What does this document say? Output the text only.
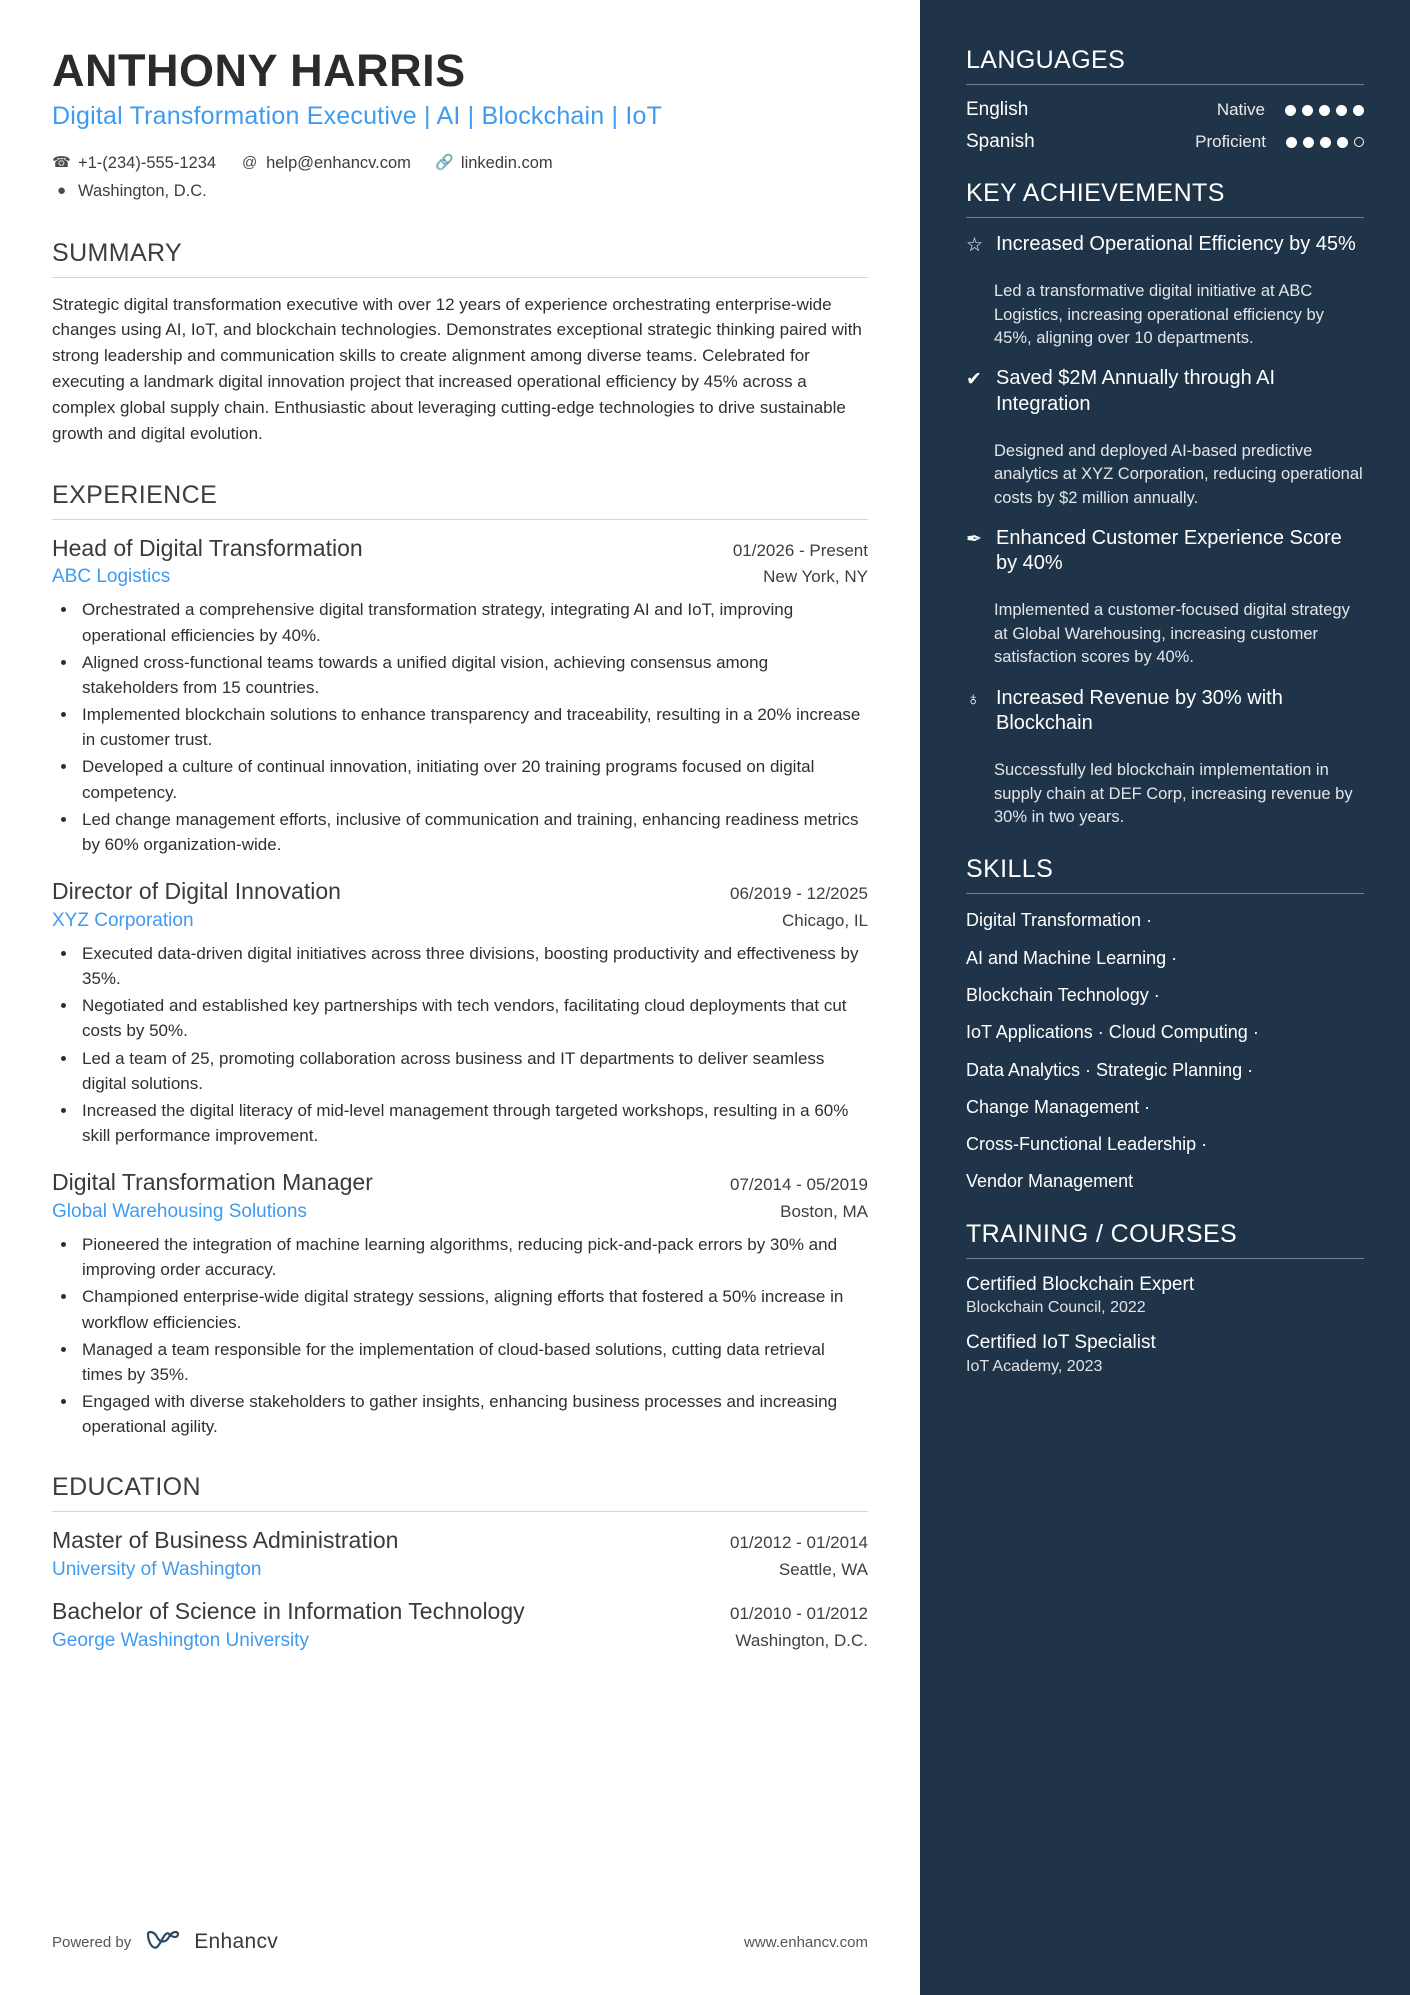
ANTHONY HARRIS
Digital Transformation Executive | AI | Blockchain | IoT
☎ +1-(234)-555-1234 @ help@enhancv.com 🔗 linkedin.com
● Washington, D.C.
SUMMARY

Strategic digital transformation executive with over 12 years of experience orchestrating enterprise-wide changes using AI, IoT, and blockchain technologies. Demonstrates exceptional strategic thinking paired with strong leadership and communication skills to create alignment among diverse teams. Celebrated for executing a landmark digital innovation project that increased operational efficiency by 45% across a complex global supply chain. Enthusiastic about leveraging cutting-edge technologies to drive sustainable growth and digital evolution.

EXPERIENCE
Head of Digital Transformation	01/2026 - Present
ABC Logistics	New York, NY
• Orchestrated a comprehensive digital transformation strategy, integrating AI and IoT, improving operational efficiencies by 40%.
• Aligned cross-functional teams towards a unified digital vision, achieving consensus among stakeholders from 15 countries.
• Implemented blockchain solutions to enhance transparency and traceability, resulting in a 20% increase in customer trust.
• Developed a culture of continual innovation, initiating over 20 training programs focused on digital competency.
• Led change management efforts, inclusive of communication and training, enhancing readiness metrics by 60% organization-wide.
Director of Digital Innovation	06/2019 - 12/2025
XYZ Corporation	Chicago, IL
• Executed data-driven digital initiatives across three divisions, boosting productivity and effectiveness by 35%.
• Negotiated and established key partnerships with tech vendors, facilitating cloud deployments that cut costs by 50%.
• Led a team of 25, promoting collaboration across business and IT departments to deliver seamless digital solutions.
• Increased the digital literacy of mid-level management through targeted workshops, resulting in a 60% skill performance improvement.
Digital Transformation Manager	07/2014 - 05/2019
Global Warehousing Solutions	Boston, MA
• Pioneered the integration of machine learning algorithms, reducing pick-and-pack errors by 30% and improving order accuracy.
• Championed enterprise-wide digital strategy sessions, aligning efforts that fostered a 50% increase in workflow efficiencies.
• Managed a team responsible for the implementation of cloud-based solutions, cutting data retrieval times by 35%.
• Engaged with diverse stakeholders to gather insights, enhancing business processes and increasing operational agility.
EDUCATION
Master of Business Administration	01/2012 - 01/2014
University of Washington	Seattle, WA
Bachelor of Science in Information Technology	01/2010 - 01/2012
George Washington University	Washington, D.C.
Powered by	Enhancv	www.enhancv.com
LANGUAGES
English	Native
Spanish	Proficient
KEY ACHIEVEMENTS
☆ Increased Operational Efficiency by 45%
Led a transformative digital initiative at ABC Logistics, increasing operational efficiency by 45%, aligning over 10 departments.
✔ Saved $2M Annually through AI Integration
Designed and deployed AI-based predictive analytics at XYZ Corporation, reducing operational costs by $2 million annually.
✒ Enhanced Customer Experience Score by 40%
Implemented a customer-focused digital strategy at Global Warehousing, increasing customer satisfaction scores by 40%.
♁ Increased Revenue by 30% with Blockchain
Successfully led blockchain implementation in supply chain at DEF Corp, increasing revenue by 30% in two years.
SKILLS
Digital Transformation ·
AI and Machine Learning ·
Blockchain Technology ·
IoT Applications · Cloud Computing ·
Data Analytics · Strategic Planning ·
Change Management ·
Cross-Functional Leadership ·
Vendor Management
TRAINING / COURSES
Certified Blockchain Expert
Blockchain Council, 2022
Certified IoT Specialist
IoT Academy, 2023
